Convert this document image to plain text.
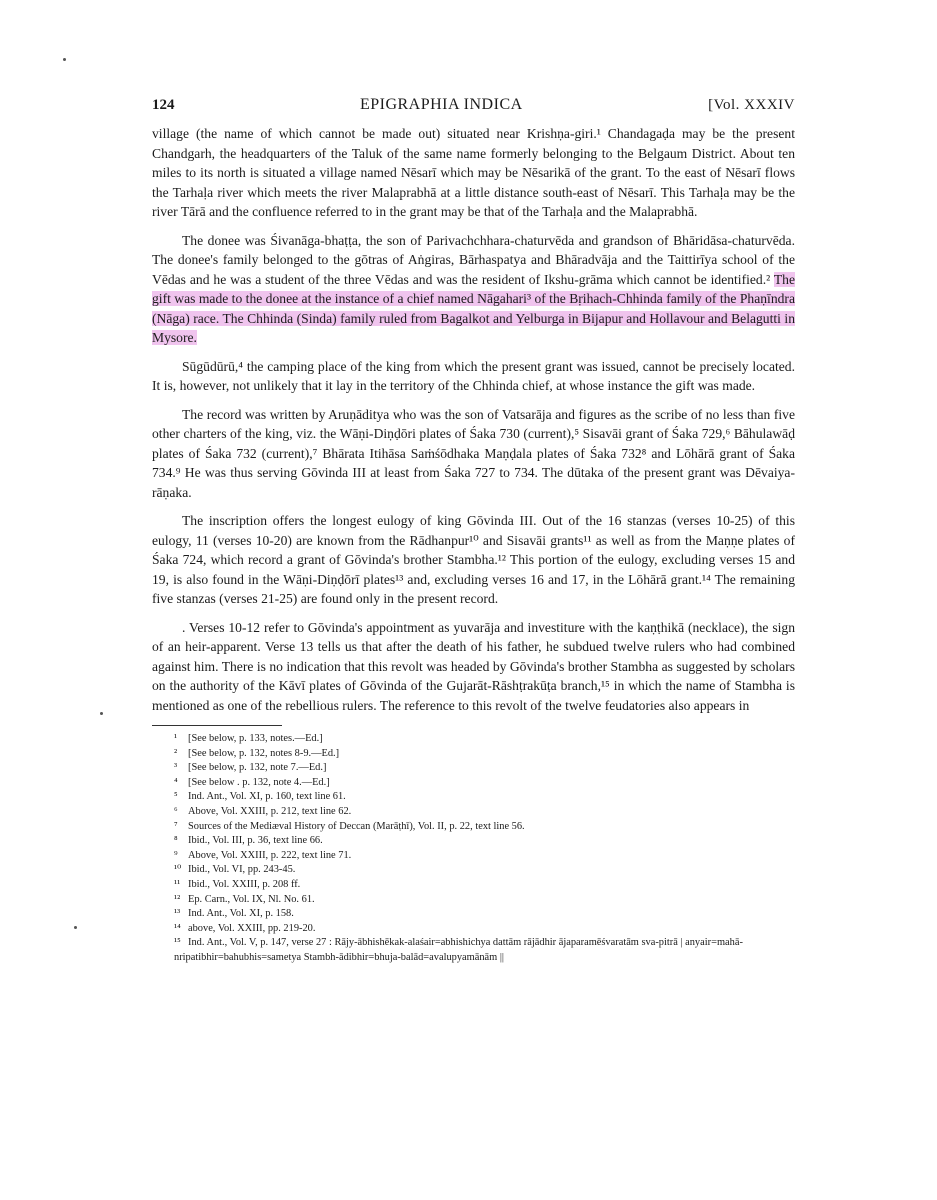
124	EPIGRAPHIA INDICA	[Vol. XXXIV

village (the name of which cannot be made out) situated near Krishṇa-giri.¹ Chandagaḍa may be the present Chandgarh, the headquarters of the Taluk of the same name formerly belonging to the Belgaum District. About ten miles to its north is situated a village named Nēsarī which may be Nēsarikā of the grant. To the east of Nēsarī flows the Tarhaḷa river which meets the river Malaprabhā at a little distance south-east of Nēsarī. This Tarhaḷa may be the river Tārā and the confluence referred to in the grant may be that of the Tarhaḷa and the Malaprabhā.

The donee was Śivanāga-bhaṭṭa, the son of Parivachchhara-chaturvēda and grandson of Bhāridāsa-chaturvēda. The donee's family belonged to the gōtras of Aṅgiras, Bārhaspatya and Bhāradvāja and the Taittirīya school of the Vēdas and he was a student of the three Vēdas and was the resident of Ikshu-grāma which cannot be identified.² The gift was made to the donee at the instance of a chief named Nāgahari³ of the Bṛihach-Chhinda family of the Phaṇīndra (Nāga) race. The Chhinda (Sinda) family ruled from Bagalkot and Yelburga in Bijapur and Hollavour and Belagutti in Mysore.

Sūgūdūrū,⁴ the camping place of the king from which the present grant was issued, cannot be precisely located. It is, however, not unlikely that it lay in the territory of the Chhinda chief, at whose instance the gift was made.

The record was written by Aruṇāditya who was the son of Vatsarāja and figures as the scribe of no less than five other charters of the king, viz. the Wāṇi-Diṇḍōri plates of Śaka 730 (current),⁵ Sisavāi grant of Śaka 729,⁶ Bāhulawāḍ plates of Śaka 732 (current),⁷ Bhārata Itihāsa Saṁśōdhaka Maṇḍala plates of Śaka 732⁸ and Lōhārā grant of Śaka 734.⁹ He was thus serving Gōvinda III at least from Śaka 727 to 734. The dūtaka of the present grant was Dēvaiya-rāṇaka.

The inscription offers the longest eulogy of king Gōvinda III. Out of the 16 stanzas (verses 10-25) of this eulogy, 11 (verses 10-20) are known from the Rādhanpur¹⁰ and Sisavāi grants¹¹ as well as from the Maṇṇe plates of Śaka 724, which record a grant of Gōvinda's brother Stambha.¹² This portion of the eulogy, excluding verses 15 and 19, is also found in the Wāṇi-Diṇḍōrī plates¹³ and, excluding verses 16 and 17, in the Lōhārā grant.¹⁴ The remaining five stanzas (verses 21-25) are found only in the present record.

. Verses 10-12 refer to Gōvinda's appointment as yuvarāja and investiture with the kaṇṭhikā (necklace), the sign of an heir-apparent. Verse 13 tells us that after the death of his father, he subdued twelve rulers who had combined against him. There is no indication that this revolt was headed by Gōvinda's brother Stambha as suggested by scholars on the authority of the Kāvī plates of Gōvinda of the Gujarāt-Rāshṭrakūṭa branch,¹⁵ in which the name of Stambha is mentioned as one of the rebellious rulers. The reference to this revolt of the twelve feudatories also appears in

¹ [See below, p. 133, notes.—Ed.]
² [See below, p. 132, notes 8-9.—Ed.]
³ [See below, p. 132, note 7.—Ed.]
⁴ [See below . p. 132, note 4.—Ed.]
⁵ Ind. Ant., Vol. XI, p. 160, text line 61.
⁶ Above, Vol. XXIII, p. 212, text line 62.
⁷ Sources of the Mediæval History of Deccan (Marāṭhī), Vol. II, p. 22, text line 56.
⁸ Ibid., Vol. III, p. 36, text line 66.
⁹ Above, Vol. XXIII, p. 222, text line 71.
¹⁰ Ibid., Vol. VI, pp. 243-45.
¹¹ Ibid., Vol. XXIII, p. 208 ff.
¹² Ep. Carn., Vol. IX, Nl. No. 61.
¹³ Ind. Ant., Vol. XI, p. 158.
¹⁴ above, Vol. XXIII, pp. 219-20.
¹⁵ Ind. Ant., Vol. V, p. 147, verse 27 : Rājy-ābhishēkak-alaśair=abhishichya dattām rājādhir ājaparamēśvaratām sva-pitrā | anyair=mahā-nripatibhir=bahubhis=sametya Stambh-ādibhir=bhuja-balād=avalupyamānām ||
